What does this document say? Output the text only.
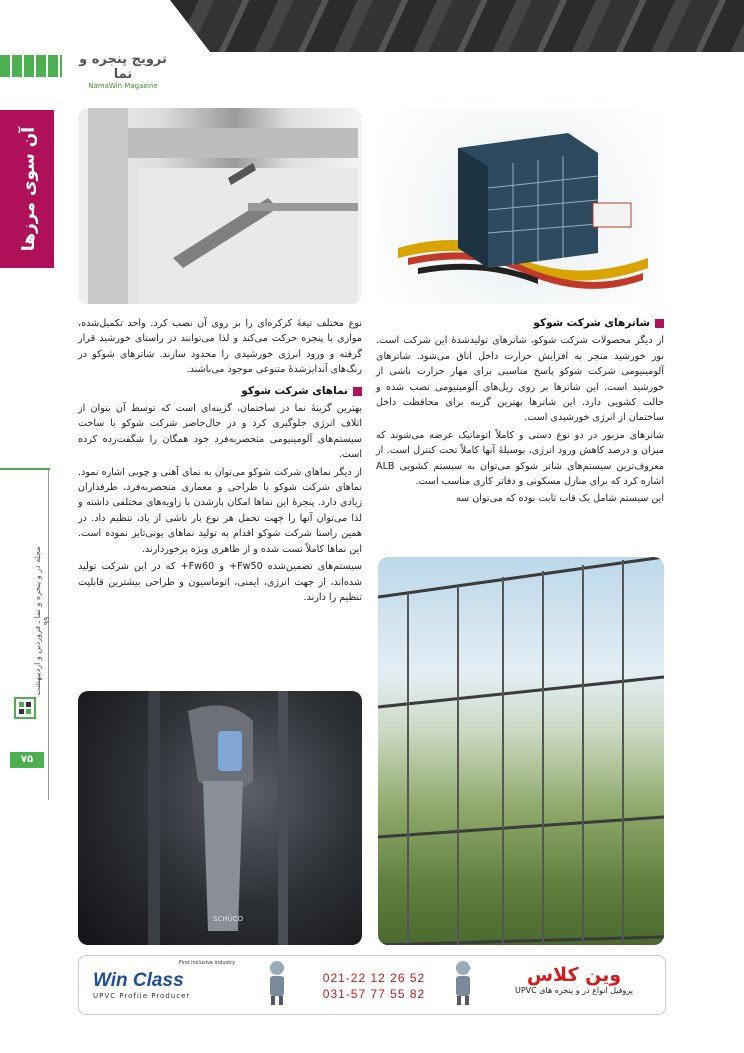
ترویج پنجره و نما
NamaWin Magazine
آن سوی مرزها
مجله در و پنجره و نما ـ فروردین و اردیبهشت ۹۹
۷۵
SCHÜCO
شاترهای شرکت شوکو

از دیگر محصولات شرکت شوکو، شاترهای تولیدشدهٔ این شرکت است. نور خورشید منجر به افزایش حرارت داخل اتاق می‌شود. شاترهای آلومینیومی شرکت شوکو پاسخ مناسبی برای مهار حرارت ناشی از خورشید است. این شاترها بر روی ریل‌های آلومینیومی نصب شده و حالت کشویی دارد. این شاترها بهترین گزینه برای محافظت داخل ساختمان از انرژی خورشیدی است.

شاترهای مزبور در دو نوع دستی و کاملاً اتوماتیک عرضه می‌شوند که میزان و درصد کاهش ورود انرژی، بوسیلهٔ آنها کاملاً تحت کنترل است. از معروف‌ترین سیستم‌های شاتر شوکو می‌توان به سیستم کشویی ALB اشاره کرد که برای منازل مسکونی و دفاتر کاری مناسب است.

این سیستم شامل یک قاب ثابت بوده که می‌توان سه

نوع مختلف تیغهٔ کرکره‌ای را بر روی آن نصب کرد. واحد تکمیل‌شده، موازی با پنجره حرکت می‌کند و لذا می‌توانند در راستای خورشید قرار گرفته و ورود انرژی خورشیدی را محدود سازند. شاترهای شوکو در رنگ‌های آندایزشدهٔ متنوعی موجود می‌باشند.

نماهای شرکت شوکو

بهترین گزینهٔ نما در ساختمان، گزینه‌ای است که توسط آن بتوان از اتلاف انرژی جلوگیری کرد و در حال‌حاضر شرکت شوکو با ساخت سیستم‌های آلومینیومی منحصربه‌فرد خود همگان را شگفت‌زده کرده است.

از دیگر نماهای شرکت شوکو می‌توان به نمای آهنی و چوبی اشاره نمود. نماهای شرکت شوکو با طراحی و معماری منحصربه‌فرد، طرفداران زیادی دارد. پنجرهٔ این نماها امکان بازشدن با زاویه‌های مختلفی داشته و لذا می‌توان آنها را جهت تحمل هر نوع بار ناشی از باد، تنظیم داد. در همین راستا شرکت شوکو اقدام به تولید نماهای یونی‌تایز نموده است. این نماها کاملاً تست شده و از ظاهری ویژه برخوردارند.

سیستم‌های تضمین‌شده Fw50+ و Fw60+ که در این شرکت تولید شده‌اند، از جهت انرژی، ایمنی، اتوماسیون و طراحی بیشترین قابلیت تنظیم را دارند.

First inclusive industry
Win Class
UPVC Profile Producer
021-22 12 26 52
031-57 77 55 82
وین کلاس
پروفیل انواع در و پنجره های UPVC
